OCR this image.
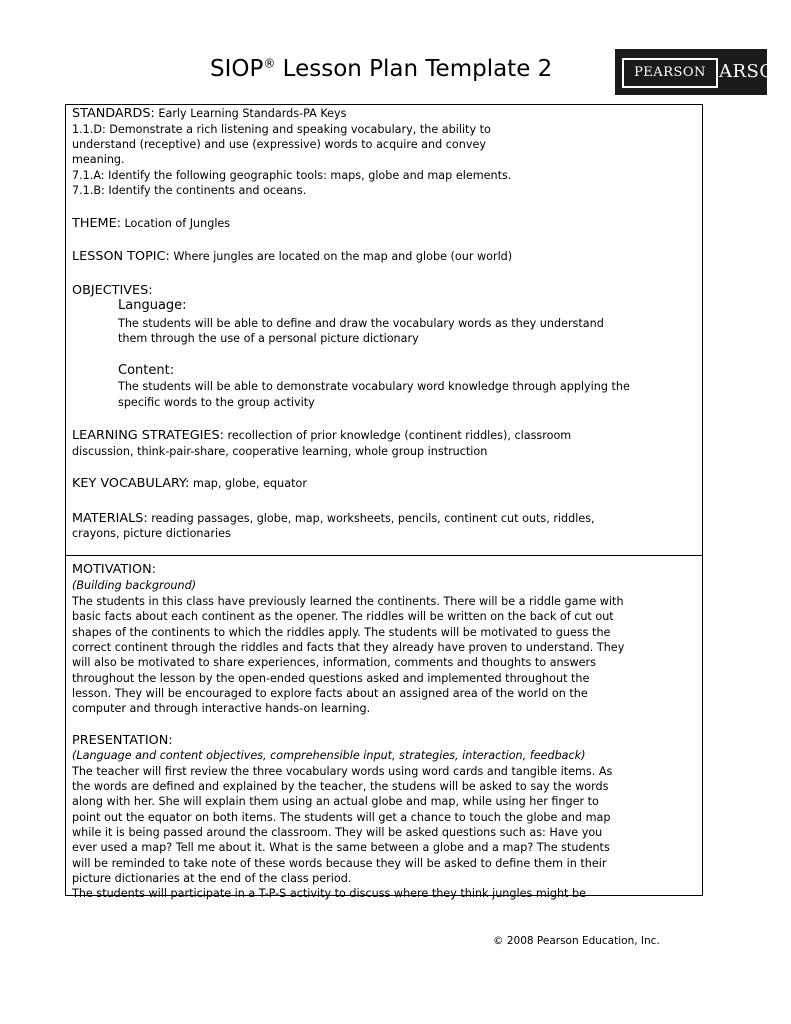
SIOP® Lesson Plan Template 2	PEARSON ARSON
STANDARDS: Early Learning Standards-PA Keys
1.1.D: Demonstrate a rich listening and speaking vocabulary, the ability to
understand (receptive) and use (expressive) words to acquire and convey
meaning.
7.1.A: Identify the following geographic tools: maps, globe and map elements.
7.1.B: Identify the continents and oceans.
THEME: Location of Jungles
LESSON TOPIC: Where jungles are located on the map and globe (our world)
OBJECTIVES:
Language:
The students will be able to define and draw the vocabulary words as they understand
them through the use of a personal picture dictionary
Content:
The students will be able to demonstrate vocabulary word knowledge through applying the
specific words to the group activity
LEARNING STRATEGIES: recollection of prior knowledge (continent riddles), classroom
discussion, think-pair-share, cooperative learning, whole group instruction
KEY VOCABULARY: map, globe, equator
MATERIALS: reading passages, globe, map, worksheets, pencils, continent cut outs, riddles,
crayons, picture dictionaries
MOTIVATION:
(Building background)
The students in this class have previously learned the continents. There will be a riddle game with
basic facts about each continent as the opener. The riddles will be written on the back of cut out
shapes of the continents to which the riddles apply. The students will be motivated to guess the
correct continent through the riddles and facts that they already have proven to understand. They
will also be motivated to share experiences, information, comments and thoughts to answers
throughout the lesson by the open-ended questions asked and implemented throughout the
lesson. They will be encouraged to explore facts about an assigned area of the world on the
computer and through interactive hands-on learning.
PRESENTATION:
(Language and content objectives, comprehensible input, strategies, interaction, feedback)
The teacher will first review the three vocabulary words using word cards and tangible items. As
the words are defined and explained by the teacher, the studens will be asked to say the words
along with her. She will explain them using an actual globe and map, while using her finger to
point out the equator on both items. The students will get a chance to touch the globe and map
while it is being passed around the classroom. They will be asked questions such as: Have you
ever used a map? Tell me about it. What is the same between a globe and a map? The students
will be reminded to take note of these words because they will be asked to define them in their
picture dictionaries at the end of the class period.
The students will participate in a T-P-S activity to discuss where they think jungles might be
© 2008 Pearson Education, Inc.
